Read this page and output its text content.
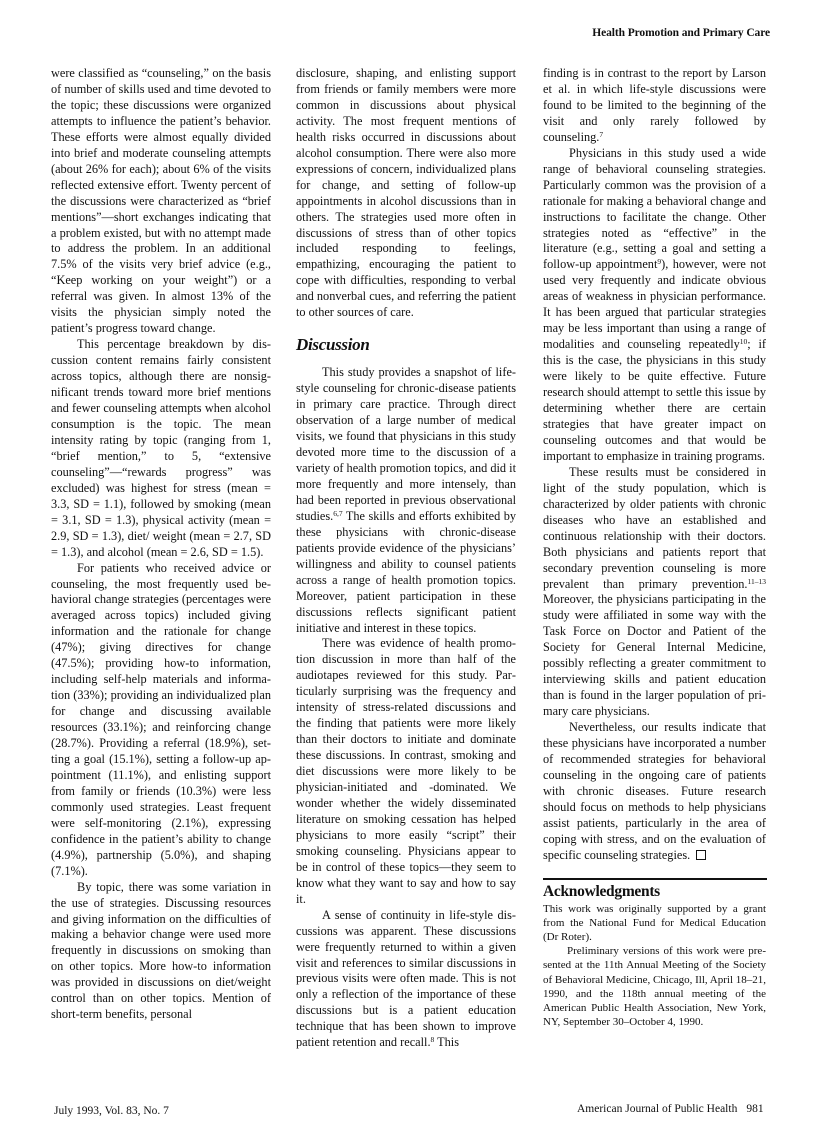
Health Promotion and Primary Care

were classified as “counseling,” on the basis of number of skills used and time devoted to the topic; these discussions were organized attempts to influence the patient’s behavior. These efforts were almost equally divided into brief and moderate counseling attempts (about 26% for each); about 6% of the visits reflected extensive effort. Twenty percent of the discussions were characterized as “brief mentions”—short exchanges indicating that a problem existed, but with no attempt made to address the problem. In an additional 7.5% of the visits very brief advice (e.g., “Keep working on your weight”) or a referral was given. In almost 13% of the visits the physician simply noted the patient’s progress toward change.

This percentage breakdown by discussion content remains fairly consistent across topics, although there are nonsignificant trends toward more brief mentions and fewer counseling attempts when alcohol consumption is the topic. The mean intensity rating by topic (ranging from 1, “brief mention,” to 5, “extensive counseling”—“rewards progress” was excluded) was highest for stress (mean = 3.3, SD = 1.1), followed by smoking (mean = 3.1, SD = 1.3), physical activity (mean = 2.9, SD = 1.3), diet/ weight (mean = 2.7, SD = 1.3), and alcohol (mean = 2.6, SD = 1.5).

For patients who received advice or counseling, the most frequently used behavioral change strategies (percentages were averaged across topics) included giving information and the rationale for change (47%); giving directives for change (47.5%); providing how-to information, including self-help materials and information (33%); providing an individualized plan for change and discussing available resources (33.1%); and reinforcing change (28.7%). Providing a referral (18.9%), setting a goal (15.1%), setting a follow-up appointment (11.1%), and enlisting support from family or friends (10.3%) were less commonly used strategies. Least frequent were self-monitoring (2.1%), expressing confidence in the patient’s ability to change (4.9%), partnership (5.0%), and shaping (7.1%).

By topic, there was some variation in the use of strategies. Discussing resources and giving information on the difficulties of making a behavior change were used more frequently in discussions on smoking than on other topics. More how-to information was provided in discussions on diet/weight control than on other topics. Mention of short-term benefits, personal

disclosure, shaping, and enlisting support from friends or family members were more common in discussions about physical activity. The most frequent mentions of health risks occurred in discussions about alcohol consumption. There were also more expressions of concern, individualized plans for change, and setting of follow-up appointments in alcohol discussions than in others. The strategies used more often in discussions of stress than of other topics included responding to feelings, empathizing, encouraging the patient to cope with difficulties, responding to verbal and nonverbal cues, and referring the patient to other sources of care.

Discussion

This study provides a snapshot of life-style counseling for chronic-disease patients in primary care practice. Through direct observation of a large number of medical visits, we found that physicians in this study devoted more time to the discussion of a variety of health promotion topics, and did it more frequently and more intensely, than had been reported in previous observational studies.$^{6,7}$ The skills and efforts exhibited by these physicians with chronic-disease patients provide evidence of the physicians’ willingness and ability to counsel patients across a range of health promotion topics. Moreover, patient participation in these discussions reflects significant patient initiative and interest in these topics.

There was evidence of health promotion discussion in more than half of the audiotapes reviewed for this study. Particularly surprising was the frequency and intensity of stress-related discussions and the finding that patients were more likely than their doctors to initiate and dominate these discussions. In contrast, smoking and diet discussions were more likely to be physician-initiated and -dominated. We wonder whether the widely disseminated literature on smoking cessation has helped physicians to more easily “script” their smoking counseling. Physicians appear to be in control of these topics—they seem to know what they want to say and how to say it.

A sense of continuity in life-style discussions was apparent. These discussions were frequently returned to within a given visit and references to similar discussions in previous visits were often made. This is not only a reflection of the importance of these discussions but is a patient education technique that has been shown to improve patient retention and recall.$^8$ This

finding is in contrast to the report by Larson et al. in which life-style discussions were found to be limited to the beginning of the visit and only rarely followed by counseling.$^7$

Physicians in this study used a wide range of behavioral counseling strategies. Particularly common was the provision of a rationale for making a behavioral change and instructions to facilitate the change. Other strategies noted as “effective” in the literature (e.g., setting a goal and setting a follow-up appointment$^9$), however, were not used very frequently and indicate obvious areas of weakness in physician performance. It has been argued that particular strategies may be less important than using a range of modalities and counseling repeatedly$^{10}$; if this is the case, the physicians in this study were likely to be quite effective. Future research should attempt to settle this issue by determining whether there are certain strategies that have greater impact on counseling outcomes and that would be important to emphasize in training programs.

These results must be considered in light of the study population, which is characterized by older patients with chronic diseases who have an established and continuous relationship with their doctors. Both physicians and patients report that secondary prevention counseling is more prevalent than primary prevention.$^{11-13}$ Moreover, the physicians participating in the study were affiliated in some way with the Task Force on Doctor and Patient of the Society for General Internal Medicine, possibly reflecting a greater commitment to interviewing skills and patient education than is found in the larger population of primary care physicians.

Nevertheless, our results indicate that these physicians have incorporated a number of recommended strategies for behavioral counseling in the ongoing care of patients with chronic diseases. Future research should focus on methods to help physicians assist patients, particularly in the area of coping with stress, and on the evaluation of specific counseling strategies.

Acknowledgments

This work was originally supported by a grant from the National Fund for Medical Education (Dr Roter).

Preliminary versions of this work were presented at the 11th Annual Meeting of the Society of Behavioral Medicine, Chicago, Ill, April 18–21, 1990, and the 118th annual meeting of the American Public Health Association, New York, NY, September 30–October 4, 1990.

July 1993, Vol. 83, No. 7	American Journal of Public Health 981
